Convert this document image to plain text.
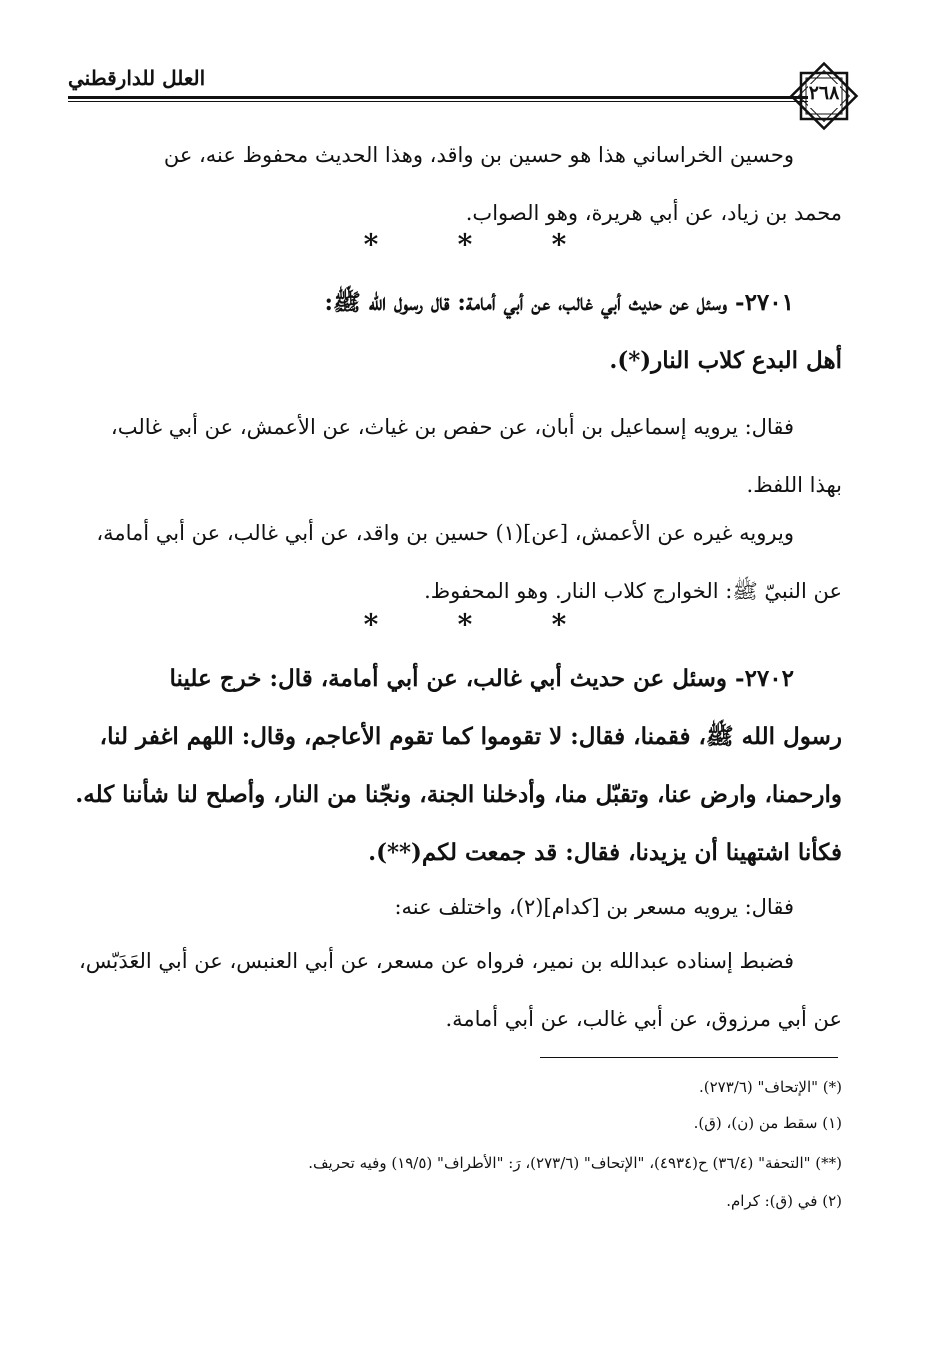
العلل للدارقطني
٢٦٨
وحسين الخراساني هذا هو حسين بن واقد، وهذا الحديث محفوظ عنه، عن
محمد بن زياد، عن أبي هريرة، وهو الصواب.
*	*	*
٢٧٠١- وسئل عن حديث أبي غالب، عن أبي أمامة: قال رسول الله ﷺ:
أهل البدع كلاب النار(*).
فقال: يرويه إسماعيل بن أبان، عن حفص بن غياث، عن الأعمش، عن أبي غالب،
بهذا اللفظ.
ويرويه غيره عن الأعمش، [عن](١) حسين بن واقد، عن أبي غالب، عن أبي أمامة،
عن النبيّ ﷺ: الخوارج كلاب النار. وهو المحفوظ.
*	*	*
٢٧٠٢- وسئل عن حديث أبي غالب، عن أبي أمامة، قال: خرج علينا
رسول الله ﷺ، فقمنا، فقال: لا تقوموا كما تقوم الأعاجم، وقال: اللهم اغفر لنا،
وارحمنا، وارض عنا، وتقبّل منا، وأدخلنا الجنة، ونجّنا من النار، وأصلح لنا شأننا كله.
فكأنا اشتهينا أن يزيدنا، فقال: قد جمعت لكم(**).
فقال: يرويه مسعر بن [كدام](٢)، واختلف عنه:
فضبط إسناده عبدالله بن نمير، فرواه عن مسعر، عن أبي العنبس، عن أبي العَدَبّس،
عن أبي مرزوق، عن أبي غالب، عن أبي أمامة.
(*) "الإتحاف" (٢٧٣/٦).
(١) سقط من (ن)، (ق).
(**) "التحفة" (٣٦/٤) ح(٤٩٣٤)، "الإتحاف" (٢٧٣/٦)، رَ: "الأطراف" (١٩/٥) وفيه تحريف.
(٢) في (ق): كرام.
